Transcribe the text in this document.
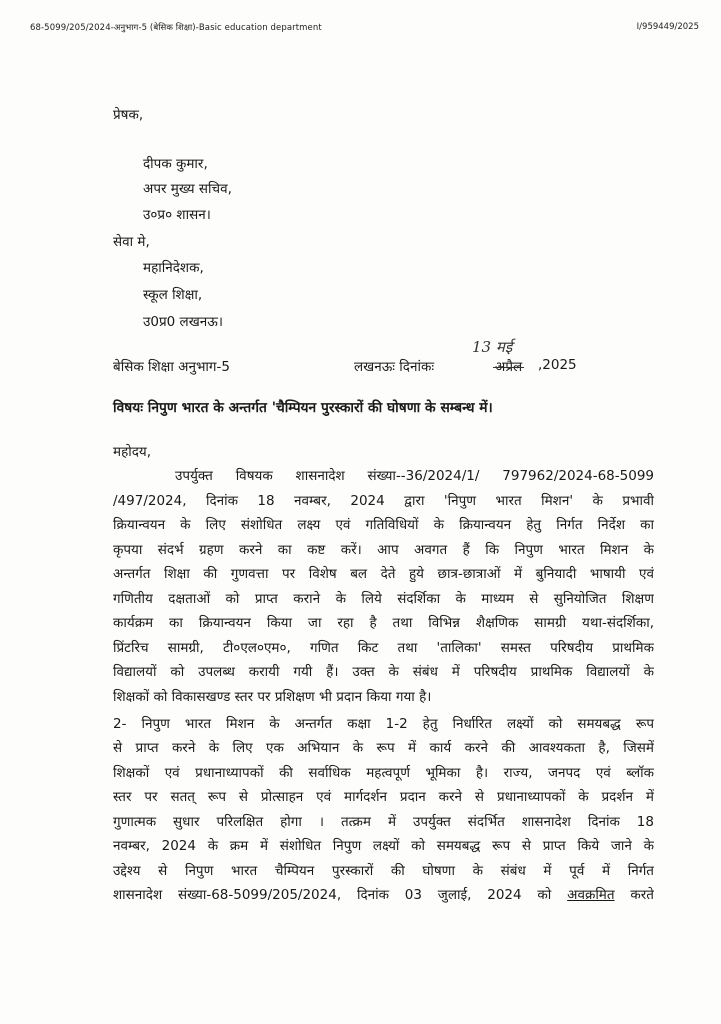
68-5099/205/2024-अनुभाग-5 (बेसिक शिक्षा)-Basic education department	I/959449/2025
प्रेषक,
दीपक कुमार,
अपर मुख्य सचिव,
उ०प्र० शासन।
सेवा मे,
महानिदेशक,
स्कूल शिक्षा,
उ0प्र0 लखनऊ।
बेसिक शिक्षा अनुभाग-5	लखनऊः दिनांकः
13 मई
अप्रैल ,2025
विषयः निपुण भारत के अन्तर्गत 'चैम्पियन पुरस्कारों की घोषणा के सम्बन्ध में।
महोदय,
उपर्युक्त विषयक शासनादेश संख्या--36/2024/1/ 797962/2024-68-5099
/497/2024, दिनांक 18 नवम्बर, 2024 द्वारा 'निपुण भारत मिशन' के प्रभावी
क्रियान्वयन के लिए संशोधित लक्ष्य एवं गतिविधियों के क्रियान्वयन हेतु निर्गत निर्देश का
कृपया संदर्भ ग्रहण करने का कष्ट करें। आप अवगत हैं कि निपुण भारत मिशन के
अन्तर्गत शिक्षा की गुणवत्ता पर विशेष बल देते हुये छात्र-छात्राओं में बुनियादी भाषायी एवं
गणितीय दक्षताओं को प्राप्त कराने के लिये संदर्शिका के माध्यम से सुनियोजित शिक्षण
कार्यक्रम का क्रियान्वयन किया जा रहा है तथा विभिन्न शैक्षणिक सामग्री यथा-संदर्शिका,
प्रिंटरिच सामग्री, टी०एल०एम०, गणित किट तथा 'तालिका' समस्त परिषदीय प्राथमिक
विद्यालयों को उपलब्ध करायी गयी हैं। उक्त के संबंध में परिषदीय प्राथमिक विद्यालयों के
शिक्षकों को विकासखण्ड स्तर पर प्रशिक्षण भी प्रदान किया गया है।
2- निपुण भारत मिशन के अन्तर्गत कक्षा 1-2 हेतु निर्धारित लक्ष्यों को समयबद्ध रूप
से प्राप्त करने के लिए एक अभियान के रूप में कार्य करने की आवश्यकता है, जिसमें
शिक्षकों एवं प्रधानाध्यापकों की सर्वाधिक महत्वपूर्ण भूमिका है। राज्य, जनपद एवं ब्लॉक
स्तर पर सतत् रूप से प्रोत्साहन एवं मार्गदर्शन प्रदान करने से प्रधानाध्यापकों के प्रदर्शन में
गुणात्मक सुधार परिलक्षित होगा । तत्क्रम में उपर्युक्त संदर्भित शासनादेश दिनांक 18
नवम्बर, 2024 के क्रम में संशोधित निपुण लक्ष्यों को समयबद्ध रूप से प्राप्त किये जाने के
उद्देश्य से निपुण भारत चैम्पियन पुरस्कारों की घोषणा के संबंध में पूर्व में निर्गत
शासनादेश संख्या-68-5099/205/2024, दिनांक 03 जुलाई, 2024 को अवक्रमित करते
